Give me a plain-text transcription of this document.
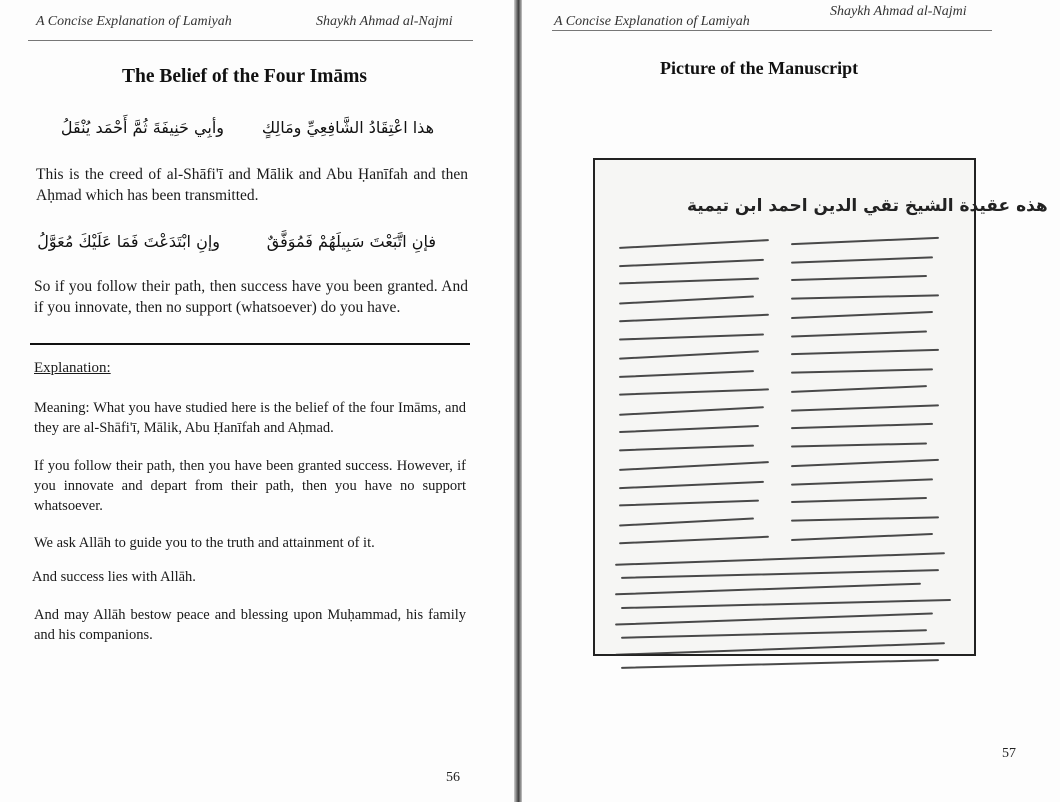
A Concise Explanation of Lamiyah	Shaykh Ahmad al-Najmi
The Belief of the Four Imāms
هذا اعْتِقَادُ الشَّافِعِيِّ ومَالِكٍ
وأبِي حَنِيفَةَ ثُمَّ أَحْمَد يُنْقَلُ
This is the creed of al-Shāfi'ī and Mālik and Abu Ḥanīfah and then Aḥmad which has been transmitted.
فإنِ اتَّبَعْتَ سَبِيلَهُمْ فَمُوَفَّقٌ
وإنِ ابْتَدَعْتَ فَمَا عَلَيْكَ مُعَوَّلُ
So if you follow their path, then success have you been granted. And if you innovate, then no support (whatsoever) do you have.
Explanation:
Meaning: What you have studied here is the belief of the four Imāms, and they are al-Shāfi'ī, Mālik, Abu Ḥanīfah and Aḥmad.
If you follow their path, then you have been granted success. However, if you innovate and depart from their path, then you have no support whatsoever.
We ask Allāh to guide you to the truth and attainment of it.
And success lies with Allāh.
And may Allāh bestow peace and blessing upon Muḥammad, his family and his companions.
56
A Concise Explanation of Lamiyah
Shaykh Ahmad al-Najmi
Picture of the Manuscript
هذه عقيدة الشيخ تقي الدين احمد ابن تيمية
57
